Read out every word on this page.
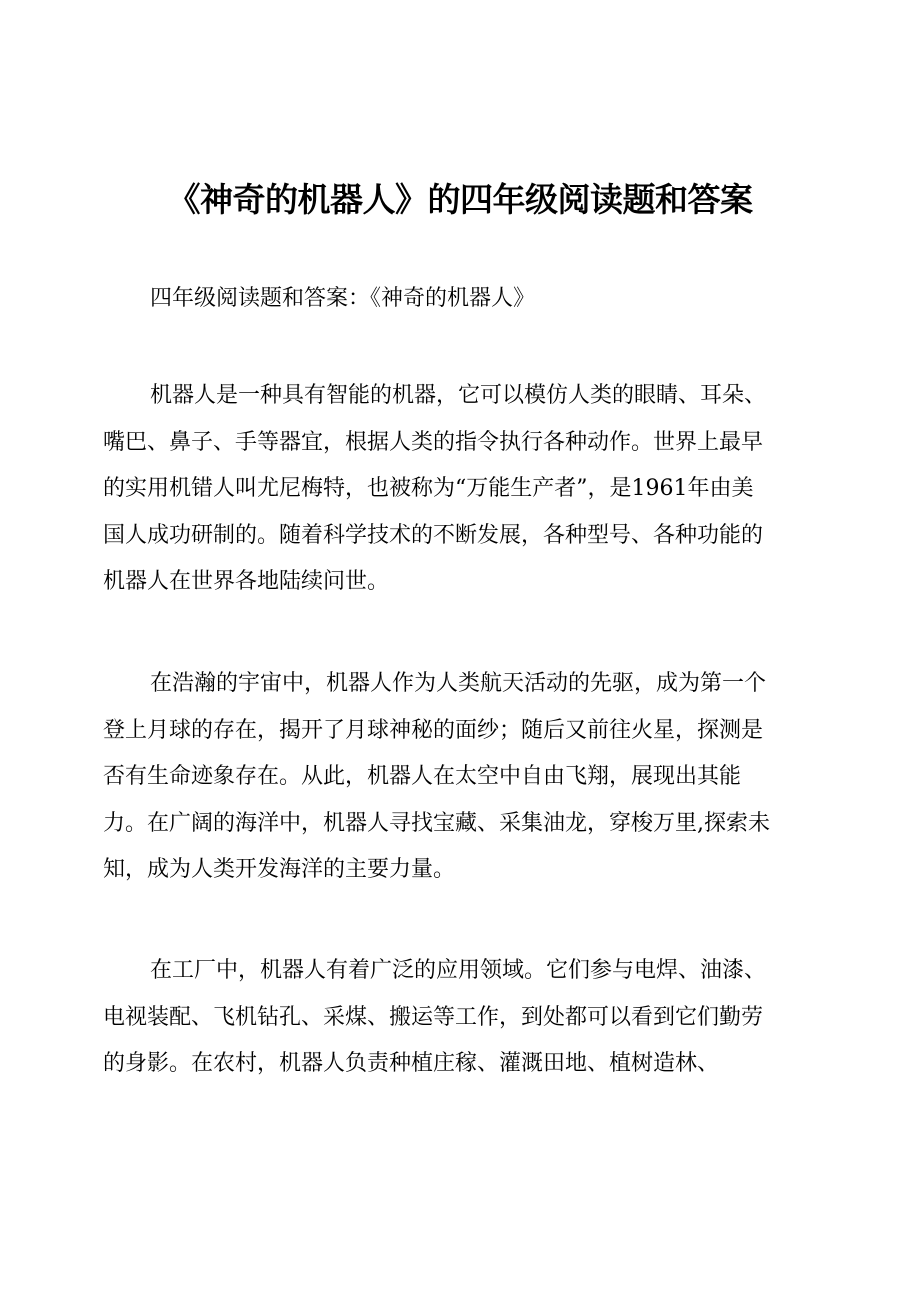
《神奇的机器人》的四年级阅读题和答案
四年级阅读题和答案：《神奇的机器人》
机器人是一种具有智能的机器，它可以模仿人类的眼睛、耳朵、
嘴巴、鼻子、手等器宜，根据人类的指令执行各种动作。世界上最早
的实用机错人叫尤尼梅特，也被称为“万能生产者”，是1961年由美
国人成功研制的。随着科学技术的不断发展，各种型号、各种功能的
机器人在世界各地陆续问世。
在浩瀚的宇宙中，机器人作为人类航天活动的先驱，成为第一个
登上月球的存在，揭开了月球神秘的面纱；随后又前往火星，探测是
否有生命迹象存在。从此，机器人在太空中自由飞翔，展现出其能
力。在广阔的海洋中，机器人寻找宝藏、采集油龙，穿梭万里,探索未
知，成为人类开发海洋的主要力量。
在工厂中，机器人有着广泛的应用领域。它们参与电焊、油漆、
电视装配、飞机钻孔、采煤、搬运等工作，到处都可以看到它们勤劳
的身影。在农村，机器人负责种植庄稼、灌溉田地、植树造林、
